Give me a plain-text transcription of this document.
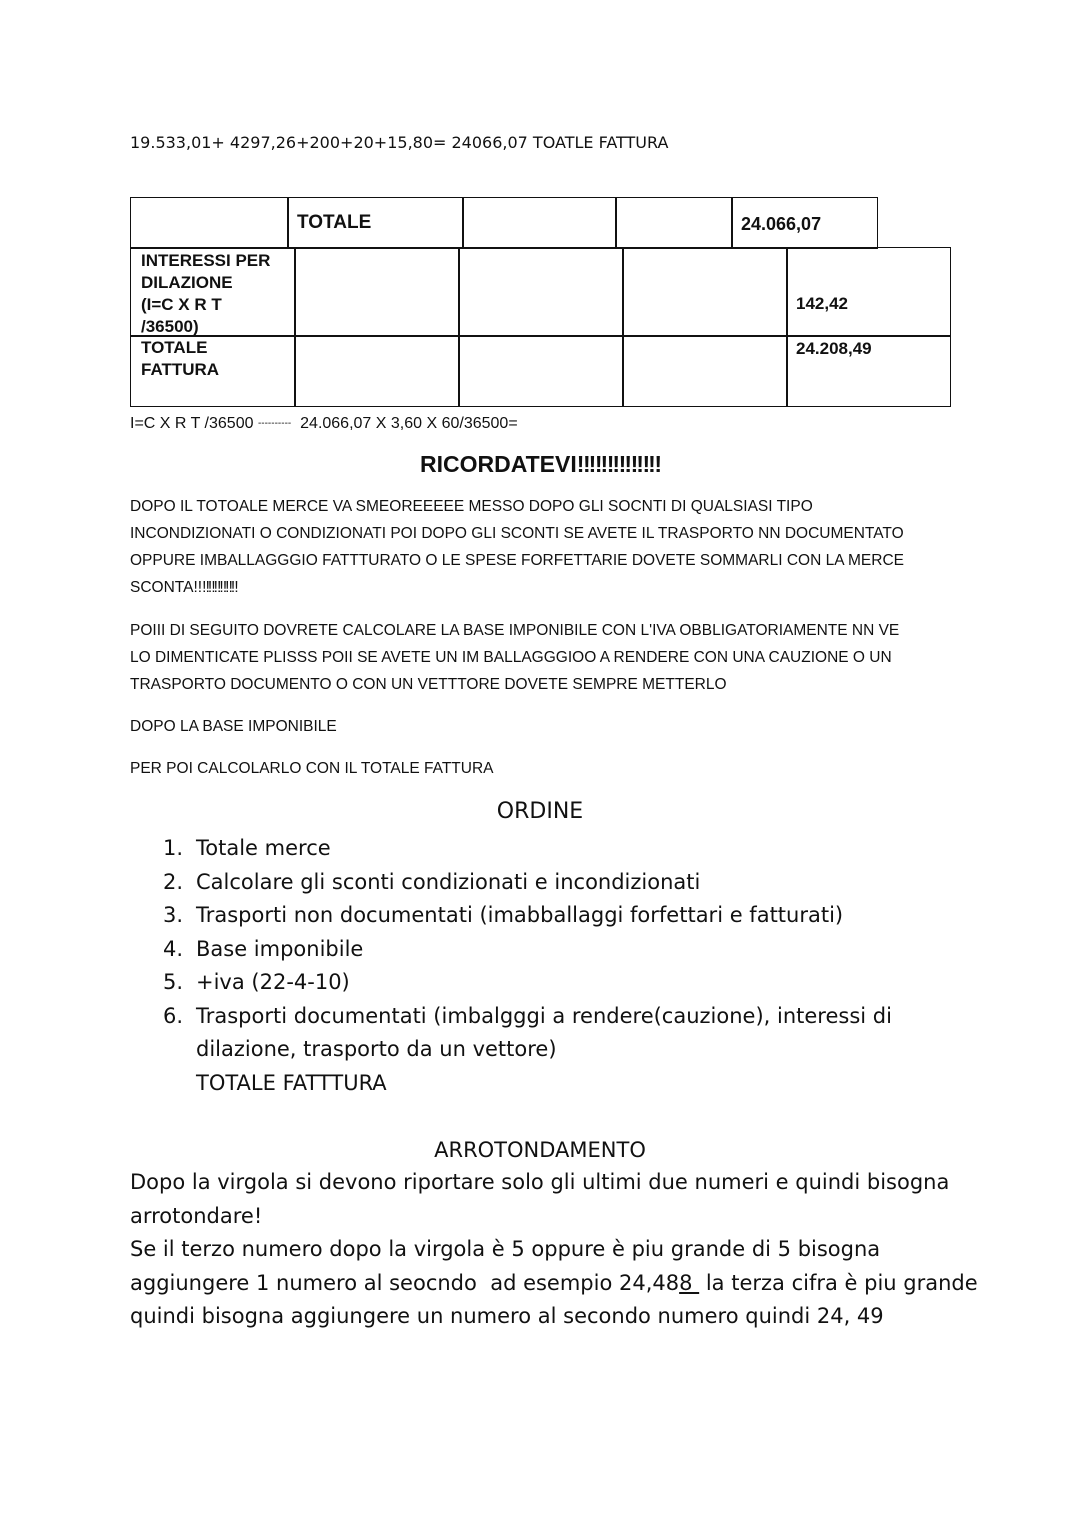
19.533,01+ 4297,26+200+20+15,80= 24066,07 TOATLE FATTURA
TOTALE	24.066,07
INTERESSI PER
DILAZIONE
(I=C X R T
/36500)
142,42
TOTALE
FATTURA
24.208,49
I=C X R T /36500 ---------- 24.066,07 X 3,60 X 60/36500=
RICORDATEVI‼‼‼‼‼‼‼
DOPO IL TOTOALE MERCE VA SMEOREEEEE MESSO DOPO GLI SOCNTI DI QUALSIASI TIPO
INCONDIZIONATI O CONDIZIONATI POI DOPO GLI SCONTI SE AVETE IL TRASPORTO NN DOCUMENTATO
OPPURE IMBALLAGGGIO FATTTURATO O LE SPESE FORFETTARIE DOVETE SOMMARLI CON LA MERCE
SCONTA!!‼‼‼‼‼‼
POIII DI SEGUITO DOVRETE CALCOLARE LA BASE IMPONIBILE CON L'IVA OBBLIGATORIAMENTE NN VE
LO DIMENTICATE PLISSS POII SE AVETE UN IM BALLAGGGIOO A RENDERE CON UNA CAUZIONE O UN
TRASPORTO DOCUMENTO O CON UN VETTTORE DOVETE SEMPRE METTERLO
DOPO LA BASE IMPONIBILE
PER POI CALCOLARLO CON IL TOTALE FATTURA
ORDINE
1. Totale merce
2. Calcolare gli sconti condizionati e incondizionati
3. Trasporti non documentati (imabballaggi forfettari e fatturati)
4. Base imponibile
5. +iva (22-4-10)
6. Trasporti documentati (imbalgggi a rendere(cauzione), interessi di
dilazione, trasporto da un vettore)
TOTALE FATTTURA
ARROTONDAMENTO
Dopo la virgola si devono riportare solo gli ultimi due numeri e quindi bisogna
arrotondare!
Se il terzo numero dopo la virgola è 5 oppure è piu grande di 5 bisogna
aggiungere 1 numero al seocndo  ad esempio 24,488  la terza cifra è piu grande
quindi bisogna aggiungere un numero al secondo numero quindi 24, 49
